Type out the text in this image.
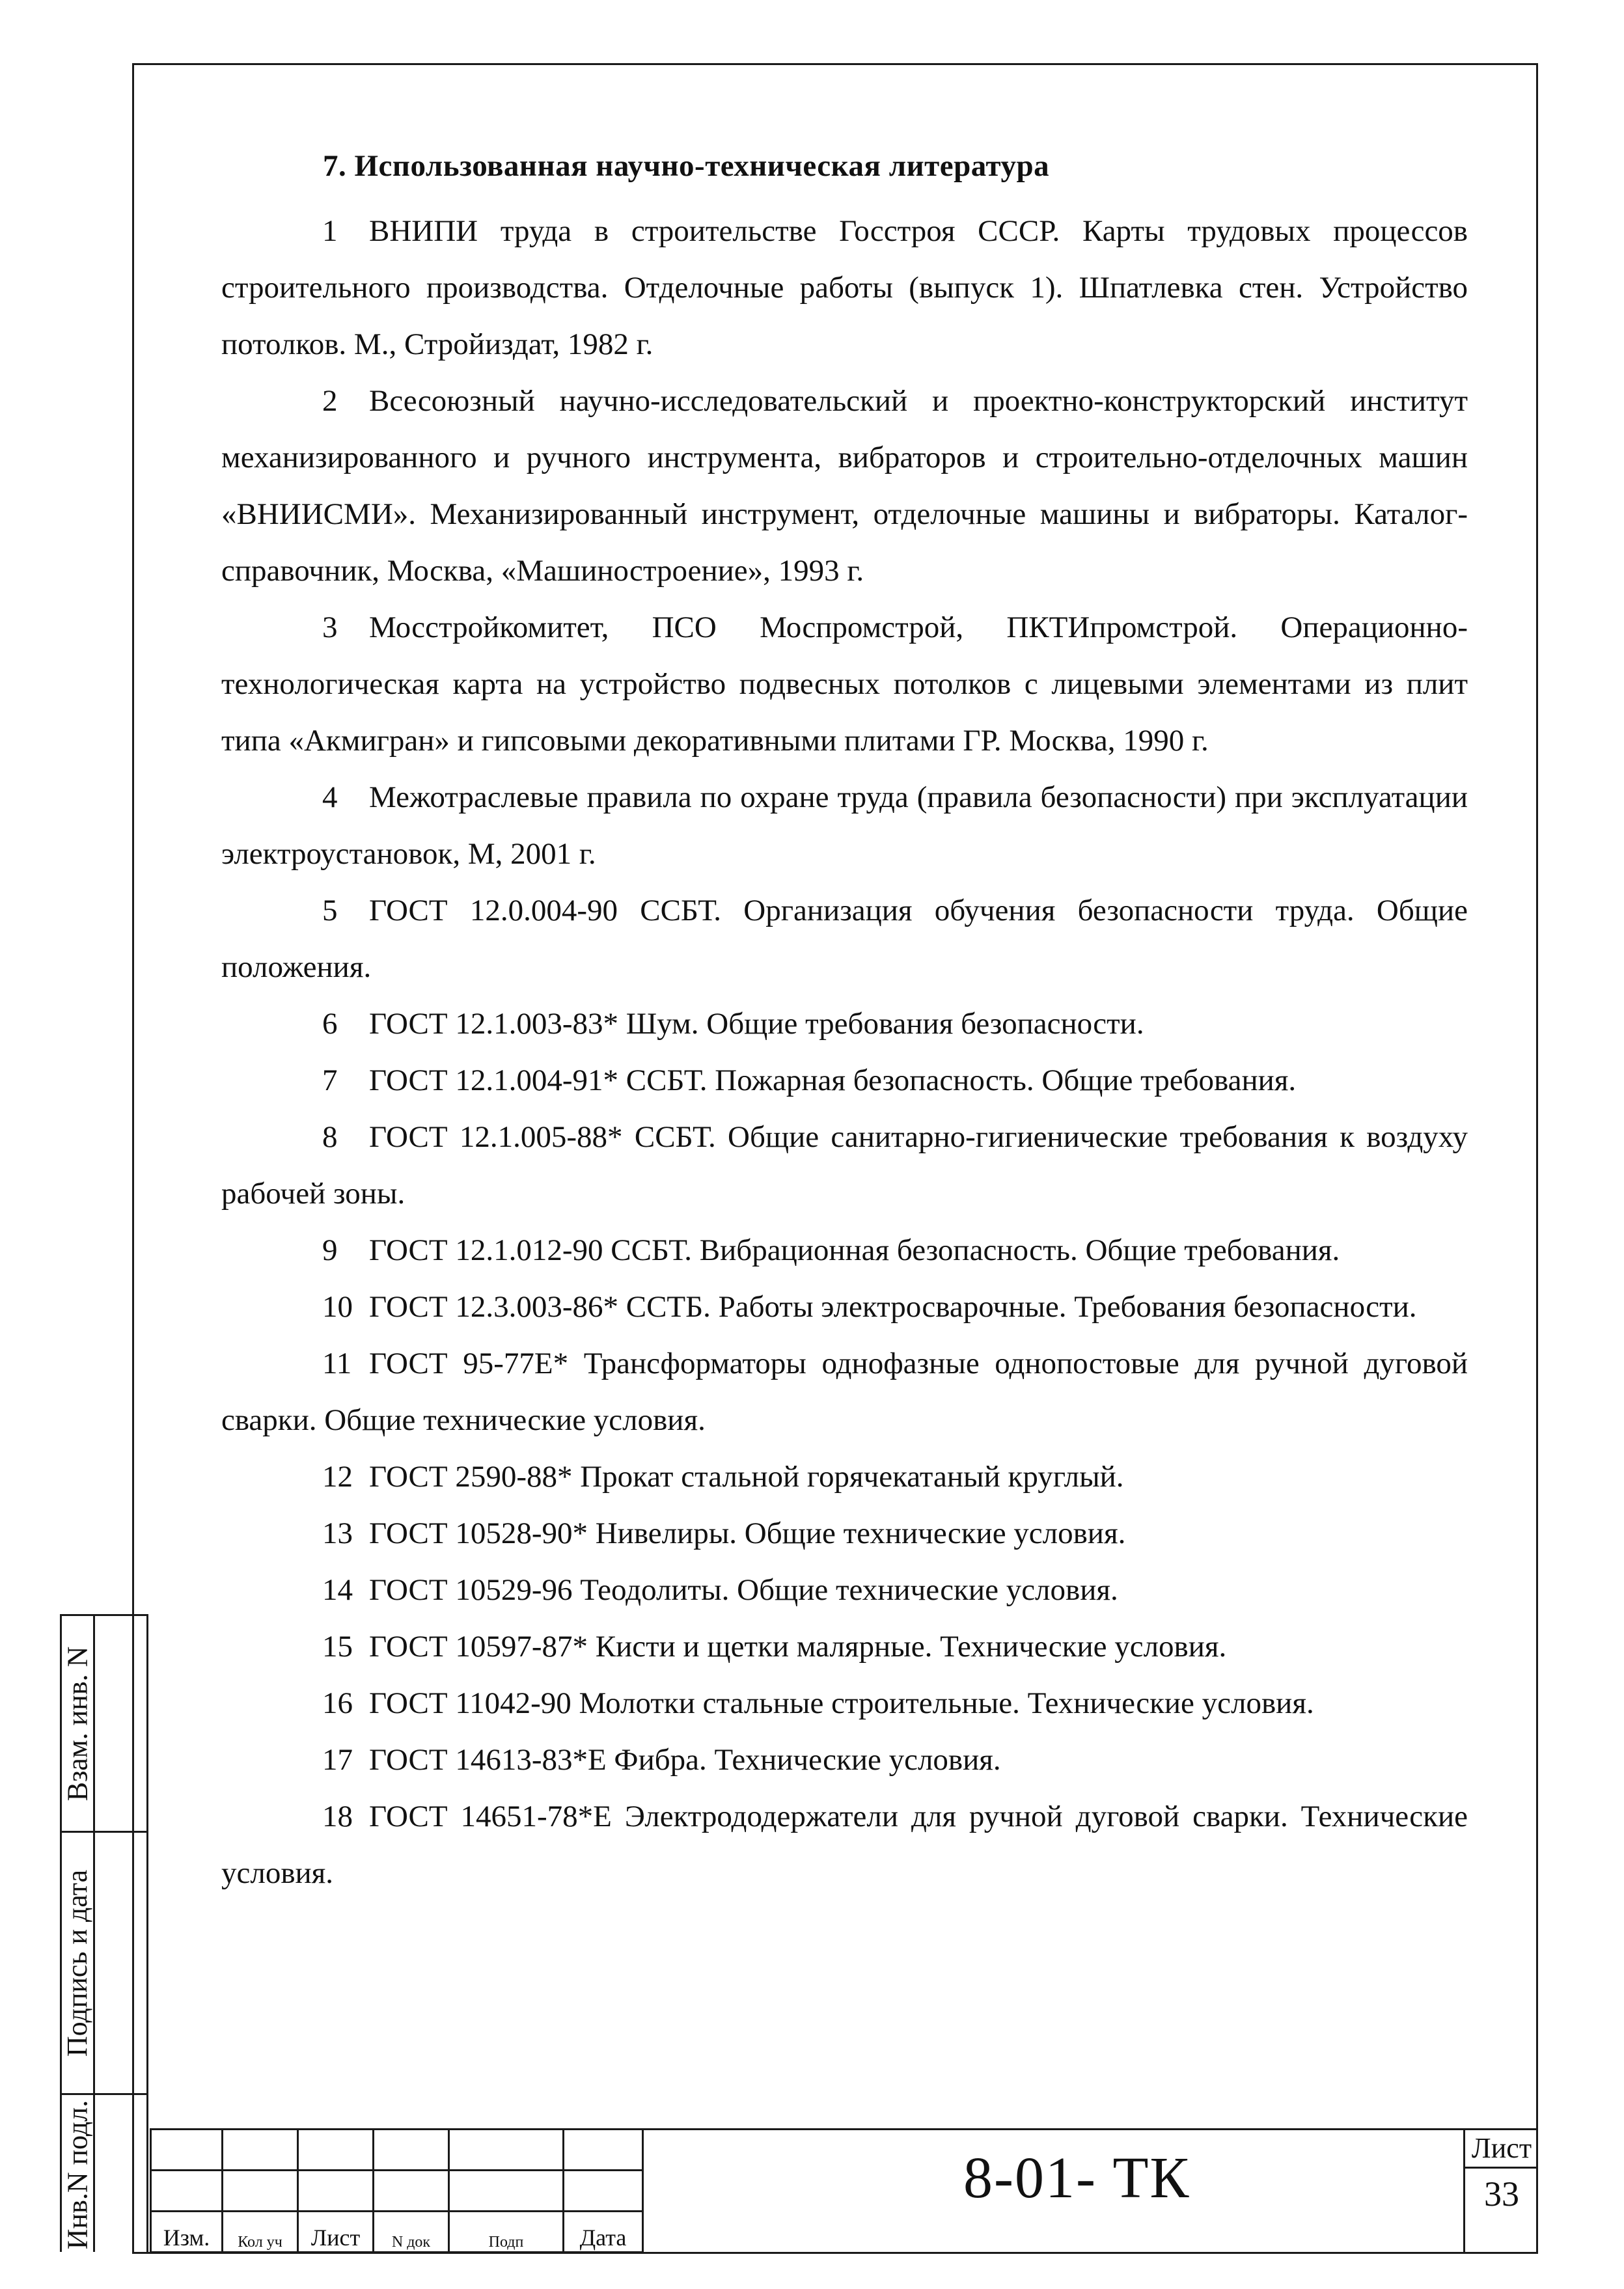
7. Использованная научно-техническая литература

1 ВНИПИ труда в строительстве Госстроя СССР. Карты трудовых процессов строительного производства. Отделочные работы (выпуск 1). Шпатлевка стен. Устройство потолков. М., Стройиздат, 1982 г.

2 Всесоюзный научно-исследовательский и проектно-конструкторский институт механизированного и ручного инструмента, вибраторов и строительно-отделочных машин «ВНИИСМИ». Механизированный инструмент, отделочные машины и вибраторы. Каталог-справочник, Москва, «Машиностроение», 1993 г.

3 Мосстройкомитет, ПСО Моспромстрой, ПКТИпромстрой. Операционно-технологическая карта на устройство подвесных потолков с лицевыми элементами из плит типа «Акмигран» и гипсовыми декоративными плитами ГР. Москва, 1990 г.

4 Межотраслевые правила по охране труда (правила безопасности) при эксплуатации электроустановок, М, 2001 г.

5 ГОСТ 12.0.004-90 ССБТ. Организация обучения безопасности труда. Общие положения.

6 ГОСТ 12.1.003-83* Шум. Общие требования безопасности.

7 ГОСТ 12.1.004-91* ССБТ. Пожарная безопасность. Общие требования.

8 ГОСТ 12.1.005-88* ССБТ. Общие санитарно-гигиенические требования к воздуху рабочей зоны.

9 ГОСТ 12.1.012-90 ССБТ. Вибрационная безопасность. Общие требования.

10 ГОСТ 12.3.003-86* ССТБ. Работы электросварочные. Требования безопасности.

11 ГОСТ 95-77Е* Трансформаторы однофазные однопостовые для ручной дуговой сварки. Общие технические условия.

12 ГОСТ 2590-88* Прокат стальной горячекатаный круглый.

13 ГОСТ 10528-90* Нивелиры. Общие технические условия.

14 ГОСТ 10529-96 Теодолиты. Общие технические условия.

15 ГОСТ 10597-87* Кисти и щетки малярные. Технические условия.

16 ГОСТ 11042-90 Молотки стальные строительные. Технические условия.

17 ГОСТ 14613-83*Е Фибра. Технические условия.

18 ГОСТ 14651-78*Е Электрододержатели для ручной дуговой сварки. Технические условия.

Взам. инв. N
Подпись и дата
Инв.N подл.

						Изм.	Кол уч	Лист	N док	Подп	Дата
8-01- ТК	Лист
33
